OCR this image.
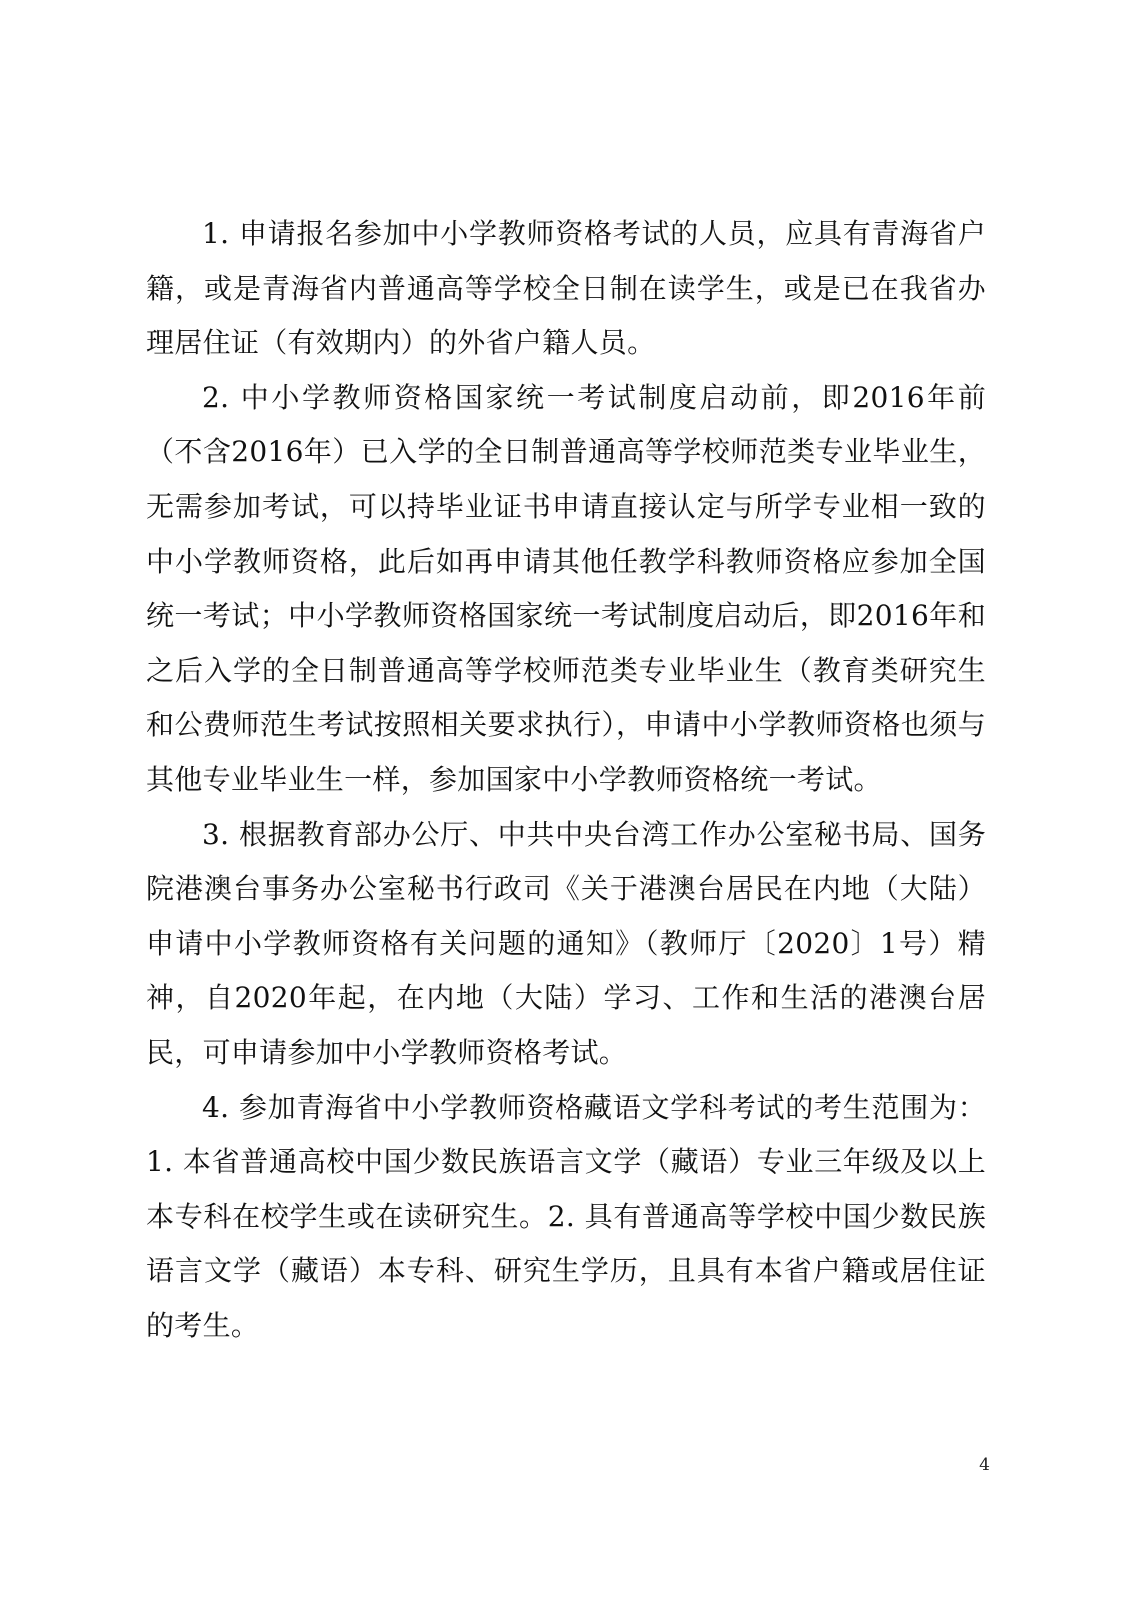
1. 申请报名参加中小学教师资格考试的人员，应具有青海省户籍，或是青海省内普通高等学校全日制在读学生，或是已在我省办理居住证（有效期内）的外省户籍人员。

2. 中小学教师资格国家统一考试制度启动前，即2016年前（不含2016年）已入学的全日制普通高等学校师范类专业毕业生，无需参加考试，可以持毕业证书申请直接认定与所学专业相一致的中小学教师资格，此后如再申请其他任教学科教师资格应参加全国统一考试；中小学教师资格国家统一考试制度启动后，即2016年和之后入学的全日制普通高等学校师范类专业毕业生（教育类研究生和公费师范生考试按照相关要求执行），申请中小学教师资格也须与其他专业毕业生一样，参加国家中小学教师资格统一考试。

3. 根据教育部办公厅、中共中央台湾工作办公室秘书局、国务院港澳台事务办公室秘书行政司《关于港澳台居民在内地（大陆）申请中小学教师资格有关问题的通知》（教师厅〔2020〕1号）精神，自2020年起，在内地（大陆）学习、工作和生活的港澳台居民，可申请参加中小学教师资格考试。

4. 参加青海省中小学教师资格藏语文学科考试的考生范围为：1. 本省普通高校中国少数民族语言文学（藏语）专业三年级及以上本专科在校学生或在读研究生。2. 具有普通高等学校中国少数民族语言文学（藏语）本专科、研究生学历，且具有本省户籍或居住证的考生。

4
